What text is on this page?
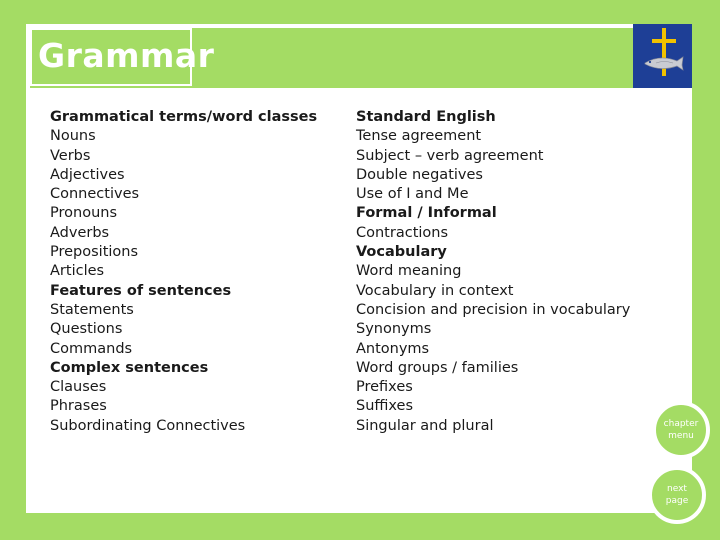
Grammar
Grammatical terms/word classes
Nouns
Verbs
Adjectives
Connectives
Pronouns
Adverbs
Prepositions
Articles
Features of sentences
Statements
Questions
Commands
Complex sentences
Clauses
Phrases
Subordinating Connectives
Standard English
Tense agreement
Subject – verb agreement
Double negatives
Use of I and Me
Formal / Informal
Contractions
Vocabulary
Word meaning
Vocabulary in context
Concision and precision in vocabulary
Synonyms
Antonyms
Word groups / families
Prefixes
Suffixes
Singular and plural	chapter menu
next page
